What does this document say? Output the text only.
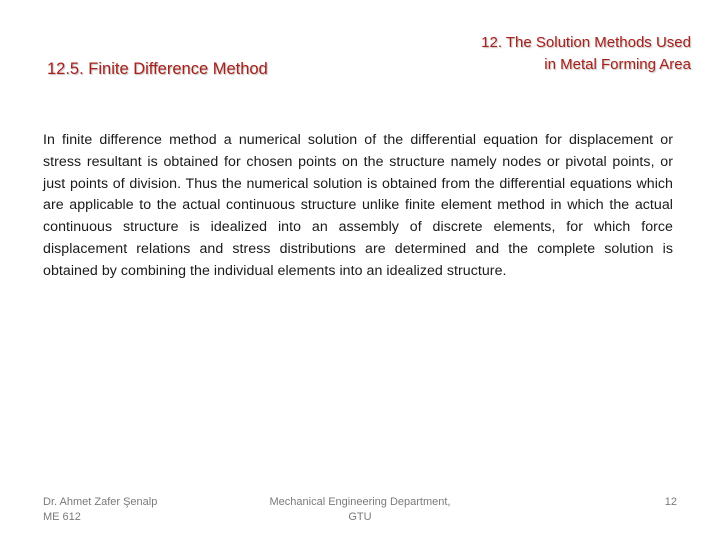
12. The Solution Methods Used
in Metal Forming Area
12.5. Finite Difference Method
In finite difference method a numerical solution of the differential equation for displacement or stress resultant is obtained for chosen points on the structure namely nodes or pivotal points, or just points of division. Thus the numerical solution is obtained from the differential equations which are applicable to the actual continuous structure unlike finite element method in which the actual continuous structure is idealized into an assembly of discrete elements, for which force displacement relations and stress distributions are determined and the complete solution is obtained by combining the individual elements into an idealized structure.
Dr. Ahmet Zafer Şenalp
ME 612
Mechanical Engineering Department,
GTU
12
